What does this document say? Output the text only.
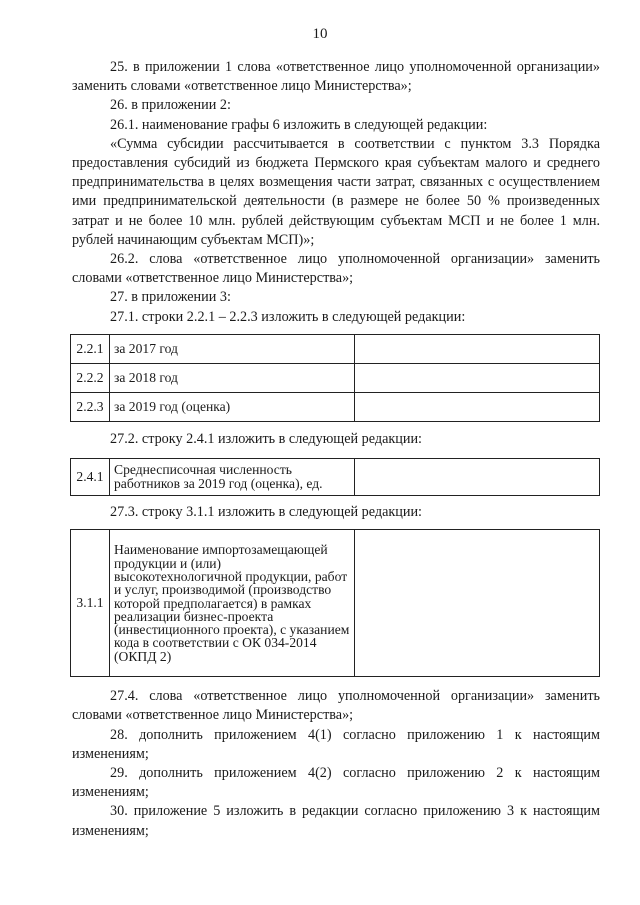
10

25. в приложении 1 слова «ответственное лицо уполномоченной организации» заменить словами «ответственное лицо Министерства»;

26. в приложении 2:

26.1. наименование графы 6 изложить в следующей редакции:

«Сумма субсидии рассчитывается в соответствии с пунктом 3.3 Порядка предоставления субсидий из бюджета Пермского края субъектам малого и среднего предпринимательства в целях возмещения части затрат, связанных с осуществлением ими предпринимательской деятельности (в размере не более 50 % произведенных затрат и не более 10 млн. рублей действующим субъектам МСП и не более 1 млн. рублей начинающим субъектам МСП)»;

26.2. слова «ответственное лицо уполномоченной организации» заменить словами «ответственное лицо Министерства»;

27. в приложении 3:

27.1. строки 2.2.1 – 2.2.3 изложить в следующей редакции:

2.2.1	за 2017 год	
2.2.2	за 2018 год	
2.2.3	за 2019 год (оценка)	

27.2. строку 2.4.1 изложить в следующей редакции:

2.4.1	Среднесписочная численность работников за 2019 год (оценка), ед.	

27.3. строку 3.1.1 изложить в следующей редакции:

3.1.1	Наименование импортозамещающей продукции и (или) высокотехнологичной продукции, работ и услуг, производимой (производство которой предполагается) в рамках реализации бизнес-проекта (инвестиционного проекта), с указанием кода в соответствии с ОК 034-2014 (ОКПД 2)	

27.4. слова «ответственное лицо уполномоченной организации» заменить словами «ответственное лицо Министерства»;

28. дополнить приложением 4(1) согласно приложению 1 к настоящим изменениям;

29. дополнить приложением 4(2) согласно приложению 2 к настоящим изменениям;

30. приложение 5 изложить в редакции согласно приложению 3 к настоящим изменениям;
